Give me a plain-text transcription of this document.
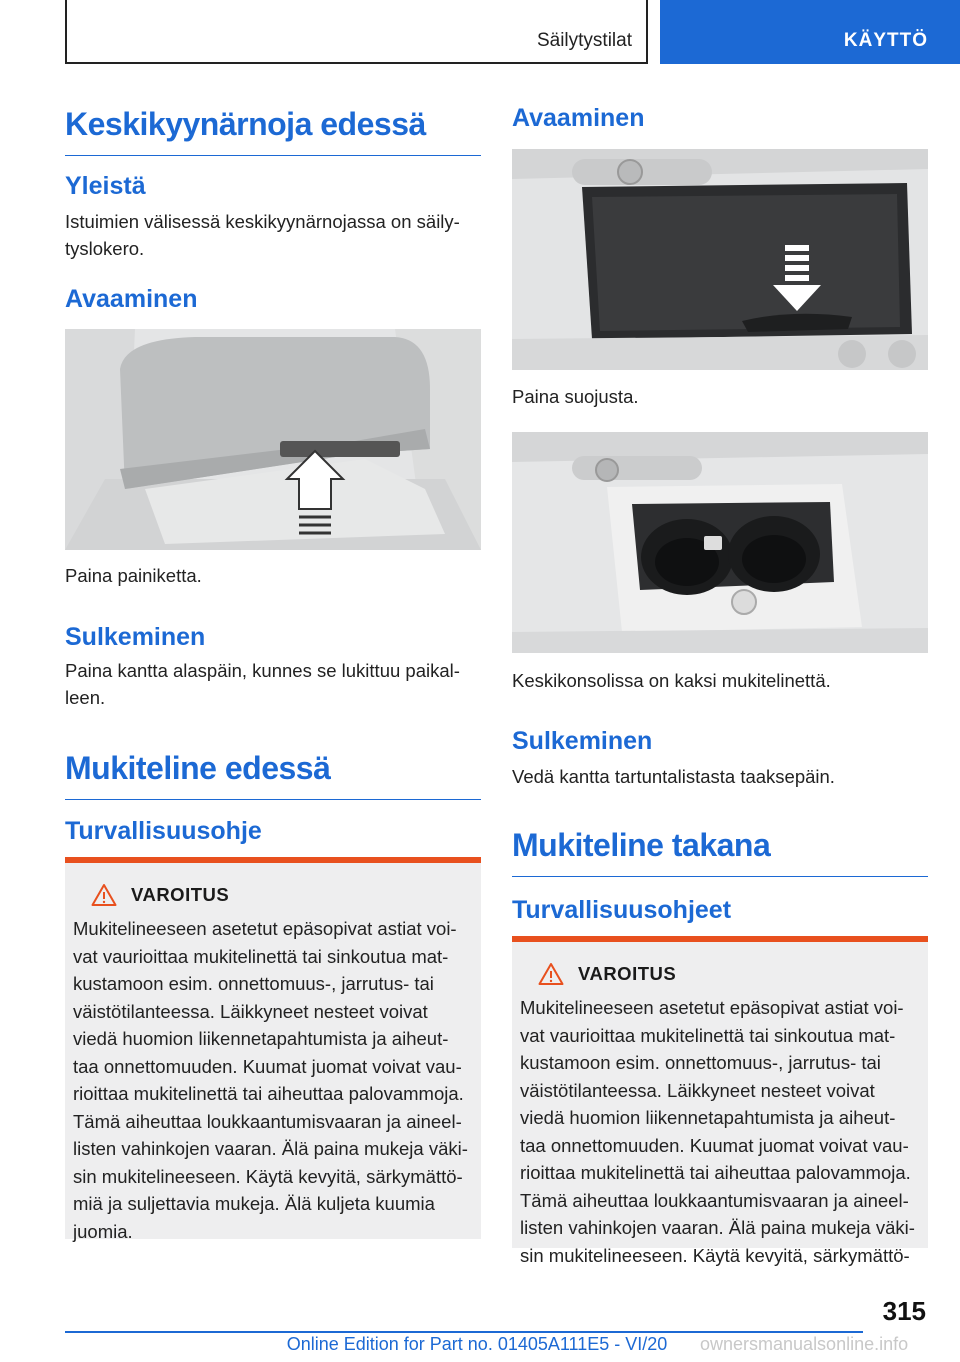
Säilytystilat	KÄYTTÖ
Keskikyynärnoja edessä
Yleistä
Istuimien välisessä keskikyynärnojassa on säily-
tyslokero.
Avaaminen
Paina painiketta.
Sulkeminen
Paina kantta alaspäin, kunnes se lukittuu paikal-
leen.
Mukiteline edessä
Turvallisuusohje
VAROITUS
Mukitelineeseen asetetut epäsopivat astiat voi-
vat vaurioittaa mukitelinettä tai sinkoutua mat-
kustamoon esim. onnettomuus-, jarrutus- tai
väistötilanteessa. Läikkyneet nesteet voivat
viedä huomion liikennetapahtumista ja aiheut-
taa onnettomuuden. Kuumat juomat voivat vau-
rioittaa mukitelinettä tai aiheuttaa palovammoja.
Tämä aiheuttaa loukkaantumisvaaran ja aineel-
listen vahinkojen vaaran. Älä paina mukeja väki-
sin mukitelineeseen. Käytä kevyitä, särkymättö-
miä ja suljettavia mukeja. Älä kuljeta kuumia
juomia.
Avaaminen
Paina suojusta.
Keskikonsolissa on kaksi mukitelinettä.
Sulkeminen
Vedä kantta tartuntalistasta taaksepäin.
Mukiteline takana
Turvallisuusohjeet
VAROITUS
Mukitelineeseen asetetut epäsopivat astiat voi-
vat vaurioittaa mukitelinettä tai sinkoutua mat-
kustamoon esim. onnettomuus-, jarrutus- tai
väistötilanteessa. Läikkyneet nesteet voivat
viedä huomion liikennetapahtumista ja aiheut-
taa onnettomuuden. Kuumat juomat voivat vau-
rioittaa mukitelinettä tai aiheuttaa palovammoja.
Tämä aiheuttaa loukkaantumisvaaran ja aineel-
listen vahinkojen vaaran. Älä paina mukeja väki-
sin mukitelineeseen. Käytä kevyitä, särkymättö-
315
Online Edition for Part no. 01405A111E5 - VI/20	ownersmanualsonline.info
